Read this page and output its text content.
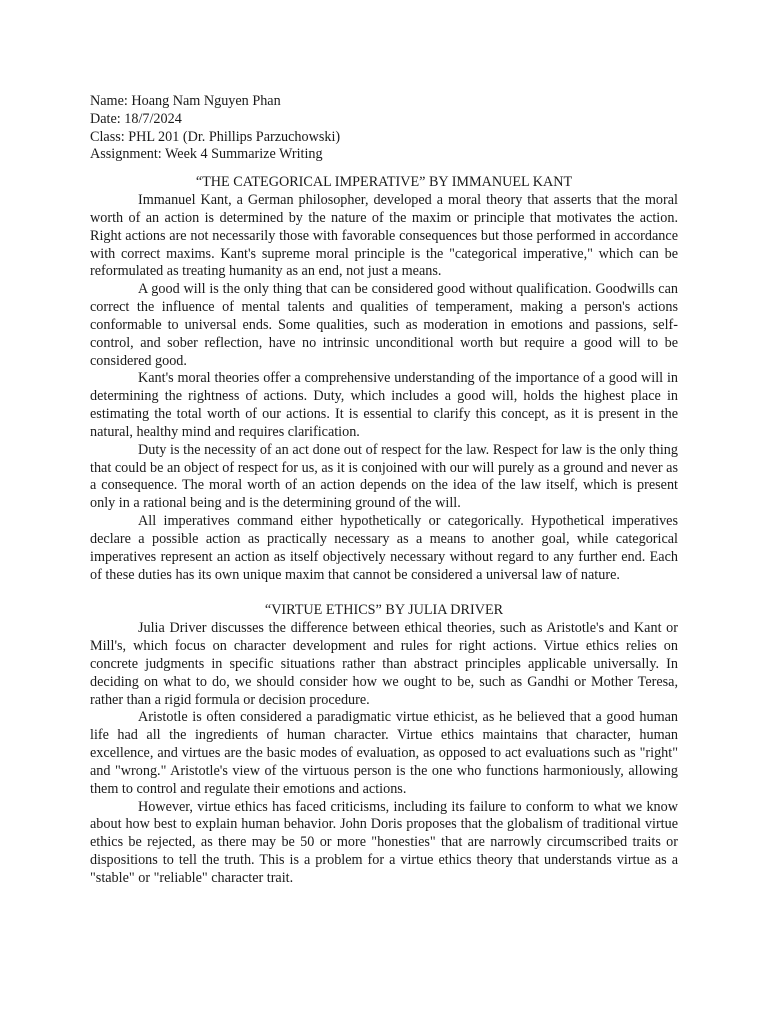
Name: Hoang Nam Nguyen Phan

Date: 18/7/2024

Class: PHL 201 (Dr. Phillips Parzuchowski)

Assignment: Week 4 Summarize Writing

“THE CATEGORICAL IMPERATIVE” BY IMMANUEL KANT

Immanuel Kant, a German philosopher, developed a moral theory that asserts that the moral worth of an action is determined by the nature of the maxim or principle that motivates the action. Right actions are not necessarily those with favorable consequences but those performed in accordance with correct maxims. Kant's supreme moral principle is the "categorical imperative," which can be reformulated as treating humanity as an end, not just a means.

A good will is the only thing that can be considered good without qualification. Goodwills can correct the influence of mental talents and qualities of temperament, making a person's actions conformable to universal ends. Some qualities, such as moderation in emotions and passions, self-control, and sober reflection, have no intrinsic unconditional worth but require a good will to be considered good.

Kant's moral theories offer a comprehensive understanding of the importance of a good will in determining the rightness of actions. Duty, which includes a good will, holds the highest place in estimating the total worth of our actions. It is essential to clarify this concept, as it is present in the natural, healthy mind and requires clarification.

Duty is the necessity of an act done out of respect for the law. Respect for law is the only thing that could be an object of respect for us, as it is conjoined with our will purely as a ground and never as a consequence. The moral worth of an action depends on the idea of the law itself, which is present only in a rational being and is the determining ground of the will.

All imperatives command either hypothetically or categorically. Hypothetical imperatives declare a possible action as practically necessary as a means to another goal, while categorical imperatives represent an action as itself objectively necessary without regard to any further end. Each of these duties has its own unique maxim that cannot be considered a universal law of nature.

“VIRTUE ETHICS” BY JULIA DRIVER

Julia Driver discusses the difference between ethical theories, such as Aristotle's and Kant or Mill's, which focus on character development and rules for right actions. Virtue ethics relies on concrete judgments in specific situations rather than abstract principles applicable universally. In deciding on what to do, we should consider how we ought to be, such as Gandhi or Mother Teresa, rather than a rigid formula or decision procedure.

Aristotle is often considered a paradigmatic virtue ethicist, as he believed that a good human life had all the ingredients of human character. Virtue ethics maintains that character, human excellence, and virtues are the basic modes of evaluation, as opposed to act evaluations such as "right" and "wrong." Aristotle's view of the virtuous person is the one who functions harmoniously, allowing them to control and regulate their emotions and actions.

However, virtue ethics has faced criticisms, including its failure to conform to what we know about how best to explain human behavior. John Doris proposes that the globalism of traditional virtue ethics be rejected, as there may be 50 or more "honesties" that are narrowly circumscribed traits or dispositions to tell the truth. This is a problem for a virtue ethics theory that understands virtue as a "stable" or "reliable" character trait.
